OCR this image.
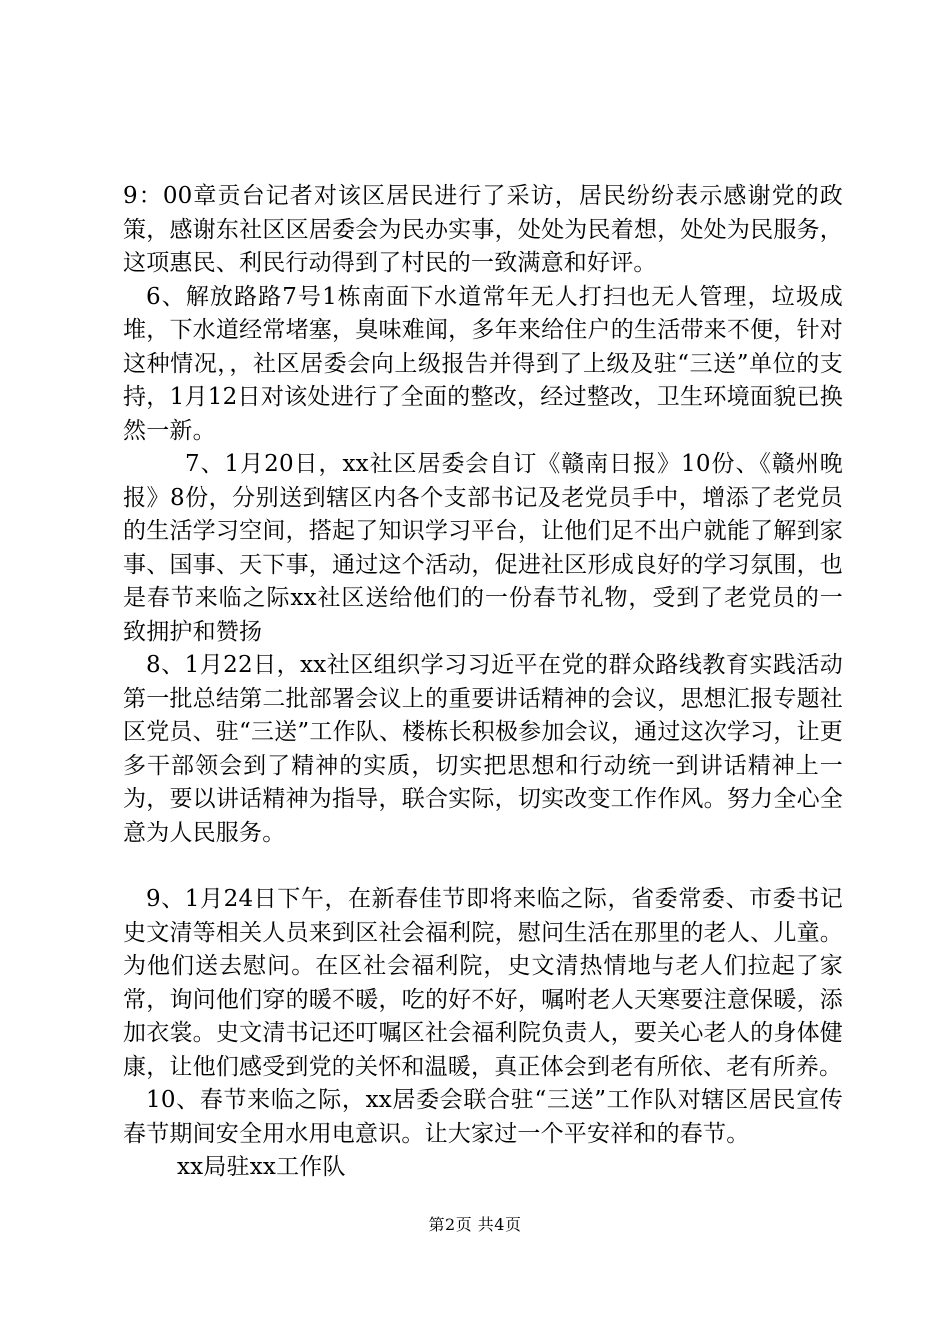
9：00章贡台记者对该区居民进行了采访，居民纷纷表示感谢党的政策，感谢东社区区居委会为民办实事，处处为民着想，处处为民服务，这项惠民、利民行动得到了村民的一致满意和好评。

6、解放路路7号1栋南面下水道常年无人打扫也无人管理，垃圾成堆，下水道经常堵塞，臭味难闻，多年来给住户的生活带来不便，针对这种情况，，社区居委会向上级报告并得到了上级及驻“三送”单位的支持，1月12日对该处进行了全面的整改，经过整改，卫生环境面貌已换然一新。

7、1月20日，xx社区居委会自订《赣南日报》10份、《赣州晚报》8份，分别送到辖区内各个支部书记及老党员手中，增添了老党员的生活学习空间，搭起了知识学习平台，让他们足不出户就能了解到家事、国事、天下事，通过这个活动，促进社区形成良好的学习氛围，也是春节来临之际xx社区送给他们的一份春节礼物，受到了老党员的一致拥护和赞扬

8、1月22日，xx社区组织学习习近平在党的群众路线教育实践活动第一批总结第二批部署会议上的重要讲话精神的会议，思想汇报专题社区党员、驻“三送”工作队、楼栋长积极参加会议，通过这次学习，让更多干部领会到了精神的实质，切实把思想和行动统一到讲话精神上一为，要以讲话精神为指导，联合实际，切实改变工作作风。努力全心全意为人民服务。

9、1月24日下午，在新春佳节即将来临之际，省委常委、市委书记史文清等相关人员来到区社会福利院，慰问生活在那里的老人、儿童。为他们送去慰问。在区社会福利院，史文清热情地与老人们拉起了家常，询问他们穿的暖不暖，吃的好不好，嘱咐老人天寒要注意保暖，添加衣裳。史文清书记还叮嘱区社会福利院负责人，要关心老人的身体健康，让他们感受到党的关怀和温暖，真正体会到老有所依、老有所养。

10、春节来临之际，xx居委会联合驻“三送”工作队对辖区居民宣传春节期间安全用水用电意识。让大家过一个平安祥和的春节。

xx局驻xx工作队

第2页 共4页
